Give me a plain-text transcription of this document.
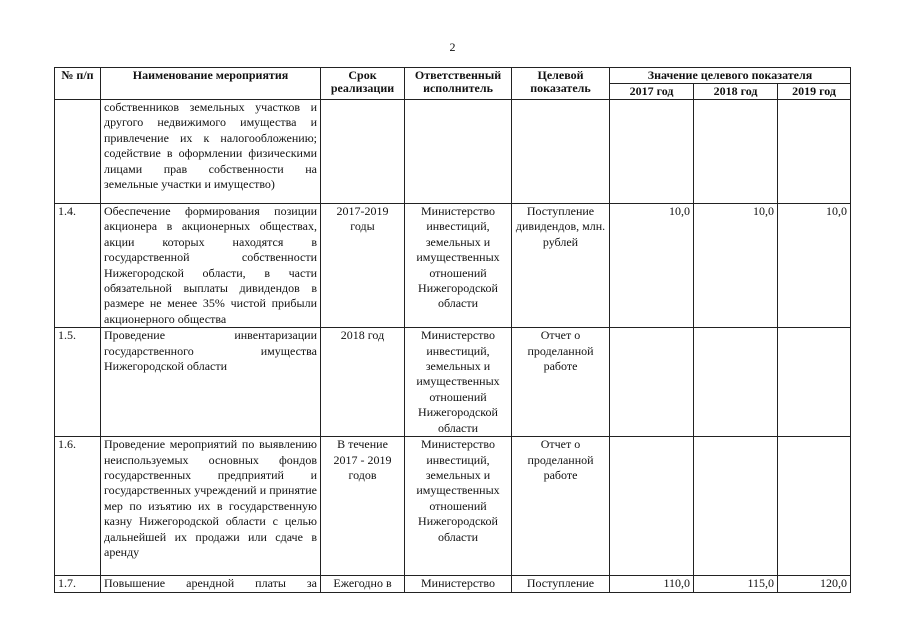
2
№ п/п	Наименование мероприятия	Срок реализации	Ответственный исполнитель	Целевой показатель	Значение целевого показателя		
					2017 год	2018 год	2019 год
	собственников земельных участков и другого недвижимого имущества и привлечение их к налогообложению; содействие в оформлении физическими лицами прав собственности на земельные участки и имущество)						
1.4.	Обеспечение формирования позиции акционера в акционерных обществах, акции которых находятся в государственной собственности Нижегородской области, в части обязательной выплаты дивидендов в размере не менее 35% чистой прибыли акционерного общества	2017-2019 годы	Министерство инвестиций, земельных и имущественных отношений Нижегородской области	Поступление дивидендов, млн. рублей	10,0	10,0	10,0
1.5.	Проведение инвентаризации государственного имущества Нижегородской области	2018 год	Министерство инвестиций, земельных и имущественных отношений Нижегородской области	Отчет о проделанной работе			
1.6.	Проведение мероприятий по выявлению неиспользуемых основных фондов государственных предприятий и государственных учреждений и принятие мер по изъятию их в государственную казну Нижегородской области с целью дальнейшей их продажи или сдаче в аренду	В течение 2017 - 2019 годов	Министерство инвестиций, земельных и имущественных отношений Нижегородской области	Отчет о проделанной работе			
1.7.	Повышение арендной платы за	Ежегодно в	Министерство	Поступление	110,0	115,0	120,0
